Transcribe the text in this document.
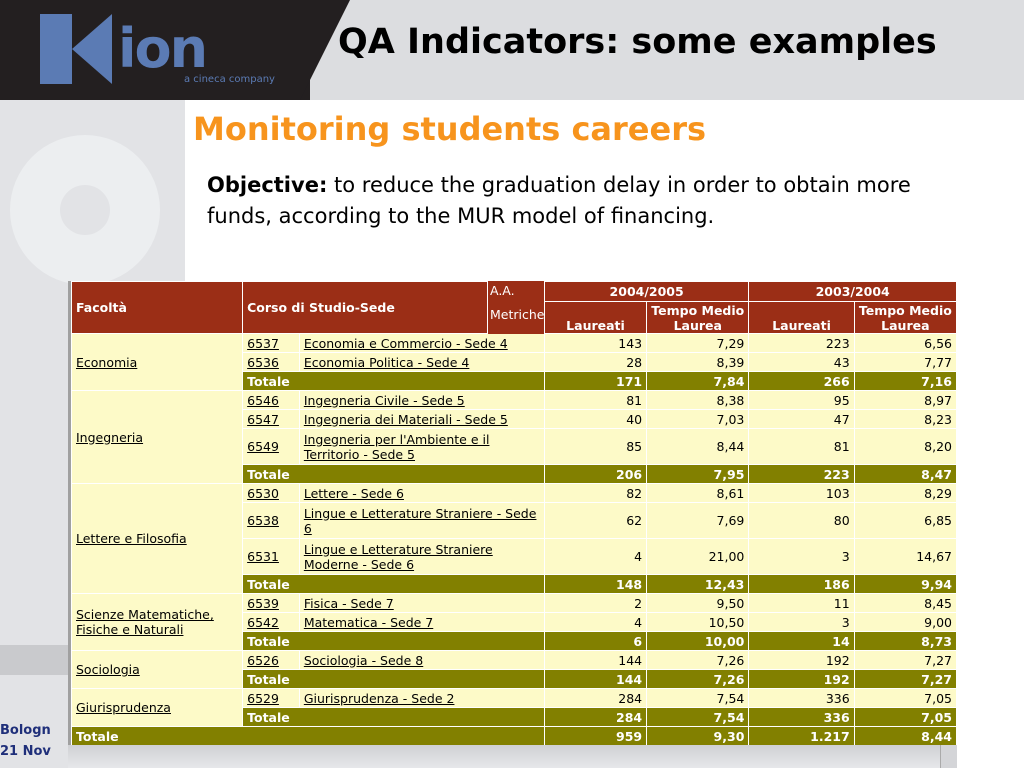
ion
a cineca company
QA Indicators: some examples
Monitoring students careers
Objective: to reduce the graduation delay in order to obtain more funds, according to the MUR model of financing.
Bologn
21 Nov
Facoltà	Corso di Studio-Sede		2004/2005		2003/2004	
			Laureati	Tempo Medio Laurea	Laureati	Tempo Medio Laurea
Economia	6537	Economia e Commercio - Sede 4	143	7,29	223	6,56
	6536	Economia Politica - Sede 4	28	8,39	43	7,77
	Totale		171	7,84	266	7,16
Ingegneria	6546	Ingegneria Civile - Sede 5	81	8,38	95	8,97
	6547	Ingegneria dei Materiali - Sede 5	40	7,03	47	8,23
	6549	Ingegneria per l'Ambiente e il Territorio - Sede 5	85	8,44	81	8,20
	Totale		206	7,95	223	8,47
Lettere e Filosofia	6530	Lettere - Sede 6	82	8,61	103	8,29
	6538	Lingue e Letterature Straniere - Sede 6	62	7,69	80	6,85
	6531	Lingue e Letterature Straniere Moderne - Sede 6	4	21,00	3	14,67
	Totale		148	12,43	186	9,94
Scienze Matematiche, Fisiche e Naturali	6539	Fisica - Sede 7	2	9,50	11	8,45
	6542	Matematica - Sede 7	4	10,50	3	9,00
	Totale		6	10,00	14	8,73
Sociologia	6526	Sociologia - Sede 8	144	7,26	192	7,27
	Totale		144	7,26	192	7,27
Giurisprudenza	6529	Giurisprudenza - Sede 2	284	7,54	336	7,05
	Totale		284	7,54	336	7,05
Totale			959	9,30	1.217	8,44
A.A.
Metriche
